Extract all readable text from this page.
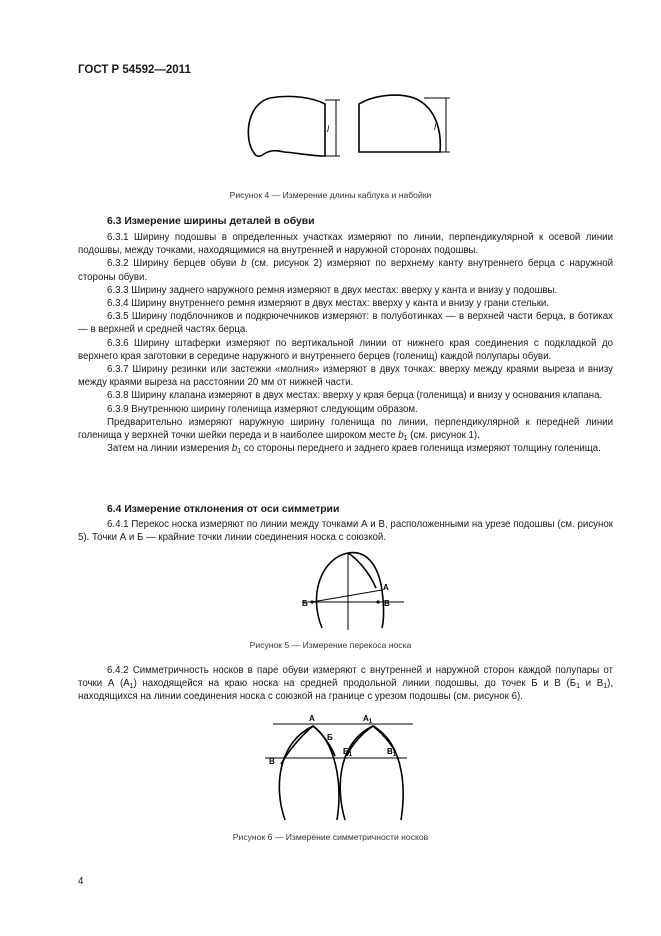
ГОСТ Р 54592—2011
l	l
Рисунок 4 — Измерение длины каблука и набойки
6.3 Измерение ширины деталей в обуви

6.3.1 Ширину подошвы в определенных участках измеряют по линии, перпендикулярной к осевой линии подошвы, между точками, находящимися на внутренней и наружной сторонах подошвы.

6.3.2 Ширину берцев обуви b (см. рисунок 2) измеряют по верхнему канту внутреннего берца с наружной стороны обуви.

6.3.3 Ширину заднего наружного ремня измеряют в двух местах: вверху у канта и внизу у подошвы.

6.3.4 Ширину внутреннего ремня измеряют в двух местах: вверху у канта и внизу у грани стельки.

6.3.5 Ширину подблочников и подкрючечников измеряют: в полуботинках — в верхней части берца, в ботиках — в верхней и средней частях берца.

6.3.6 Ширину штаферки измеряют по вертикальной линии от нижнего края соединения с подкладкой до верхнего края заготовки в середине наружного и внутреннего берцев (голенищ) каждой полупары обуви.

6.3.7 Ширину резинки или застежки «молния» измеряют в двух точках: вверху между краями выреза и внизу между краями выреза на расстоянии 20 мм от нижней части.

6.3.8 Ширину клапана измеряют в двух местах: вверху у края берца (голенища) и внизу у основания клапана.

6.3.9 Внутреннюю ширину голенища измеряют следующим образом.

Предварительно измеряют наружную ширину голенища по линии, перпендикулярной к передней линии голенища у верхней точки шейки переда и в наиболее широком месте $b_1$ (см. рисунок 1).

Затем на линии измерения $b_1$ со стороны переднего и заднего краев голенища измеряют толщину голенища.

6.4 Измерение отклонения от оси симметрии

6.4.1 Перекос носка измеряют по линии между точками А и В, расположенными на урезе подошвы (см. рисунок 5). Точки А и Б — крайние точки линии соединения носка с союзкой.

А
Б	В
Рисунок 5 — Измерение перекоса носка

6.4.2 Симметричность носков в паре обуви измеряют с внутренней и наружной сторон каждой полупары от точки А $(А_1)$ находящейся на краю носка на средней продольной линии подошвы, до точек Б и В ($Б_1$ и $В_1$), находящихся на линии соединения носка с союзкой на границе с урезом подошвы (см. рисунок 6).

А
Б
В
$А_1$
$Б_1$	$В_1$
Рисунок 6 — Измерение симметричности носков
4
